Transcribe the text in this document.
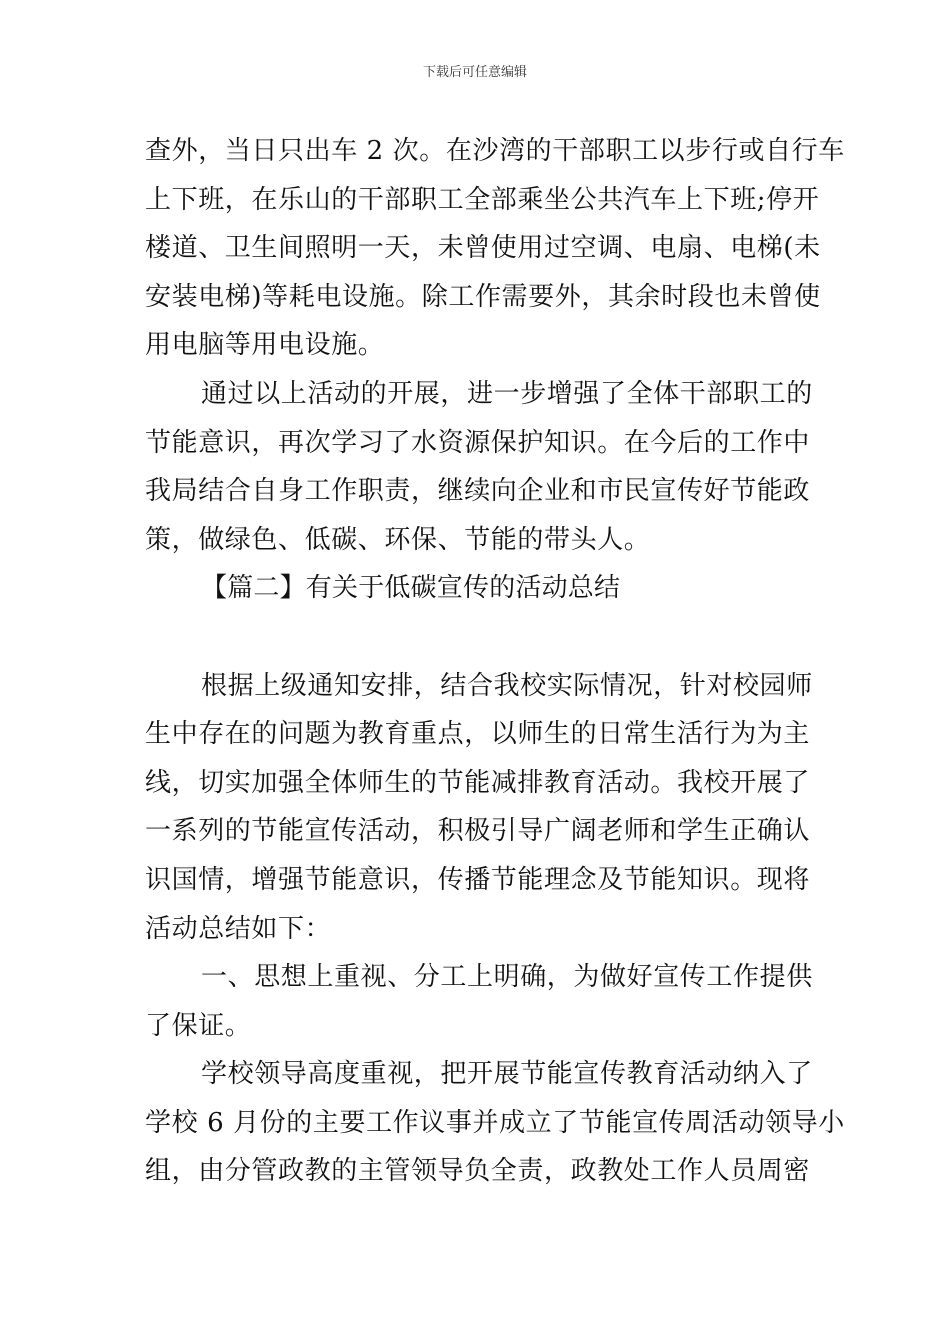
下载后可任意编辑
查外，当日只出车 2 次。在沙湾的干部职工以步行或自行车
上下班，在乐山的干部职工全部乘坐公共汽车上下班;停开
楼道、卫生间照明一天，未曾使用过空调、电扇、电梯(未
安装电梯)等耗电设施。除工作需要外，其余时段也未曾使
用电脑等用电设施。
通过以上活动的开展，进一步增强了全体干部职工的
节能意识，再次学习了水资源保护知识。在今后的工作中
我局结合自身工作职责，继续向企业和市民宣传好节能政
策，做绿色、低碳、环保、节能的带头人。
【篇二】有关于低碳宣传的活动总结
根据上级通知安排，结合我校实际情况，针对校园师
生中存在的问题为教育重点，以师生的日常生活行为为主
线，切实加强全体师生的节能减排教育活动。我校开展了
一系列的节能宣传活动，积极引导广阔老师和学生正确认
识国情，增强节能意识，传播节能理念及节能知识。现将
活动总结如下：
一、思想上重视、分工上明确，为做好宣传工作提供
了保证。
学校领导高度重视，把开展节能宣传教育活动纳入了
学校 6 月份的主要工作议事并成立了节能宣传周活动领导小
组，由分管政教的主管领导负全责，政教处工作人员周密
